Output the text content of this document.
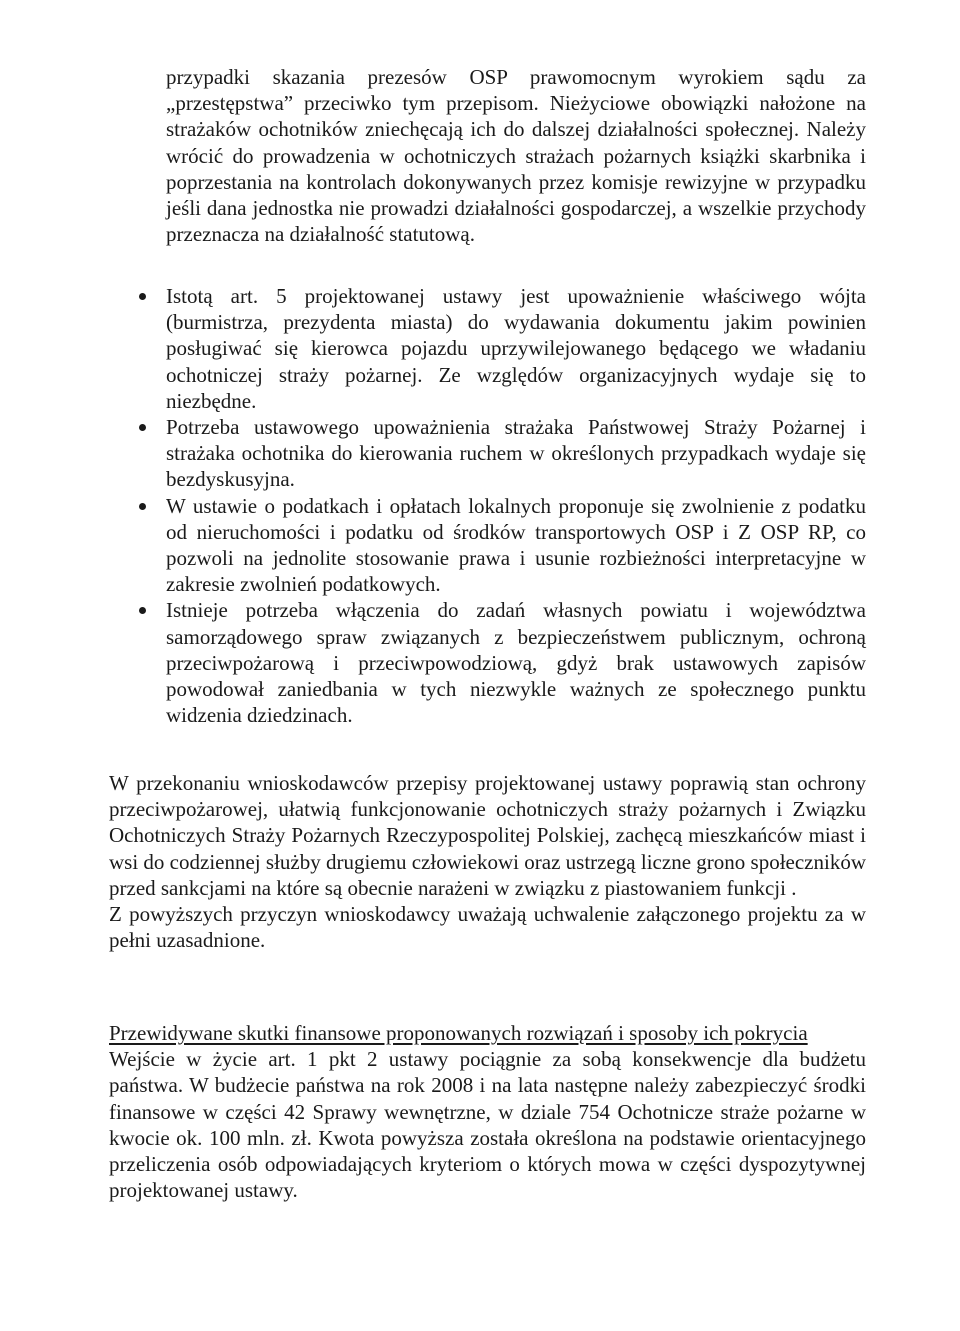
przypadki skazania prezesów OSP prawomocnym wyrokiem sądu za „przestępstwa” przeciwko tym przepisom. Nieżyciowe obowiązki nałożone na strażaków ochotników zniechęcają ich do dalszej działalności społecznej. Należy wrócić do prowadzenia w ochotniczych strażach pożarnych książki skarbnika i poprzestania na kontrolach dokonywanych przez komisje rewizyjne w przypadku jeśli dana jednostka nie prowadzi działalności gospodarczej, a wszelkie przychody przeznacza na działalność statutową.

Istotą art. 5 projektowanej ustawy jest upoważnienie właściwego wójta (burmistrza, prezydenta miasta) do wydawania dokumentu jakim powinien posługiwać się kierowca pojazdu uprzywilejowanego będącego we władaniu ochotniczej straży pożarnej. Ze względów organizacyjnych wydaje się to niezbędne.
Potrzeba ustawowego upoważnienia strażaka Państwowej Straży Pożarnej i strażaka ochotnika do kierowania ruchem w określonych przypadkach wydaje się bezdyskusyjna.
W ustawie o podatkach i opłatach lokalnych proponuje się zwolnienie z podatku od nieruchomości i podatku od środków transportowych OSP i Z OSP RP, co pozwoli na jednolite stosowanie prawa i usunie rozbieżności interpretacyjne w zakresie zwolnień podatkowych.
Istnieje potrzeba włączenia do zadań własnych powiatu i województwa samorządowego spraw związanych z bezpieczeństwem publicznym, ochroną przeciwpożarową i przeciwpowodziową, gdyż brak ustawowych zapisów powodował zaniedbania w tych niezwykle ważnych ze społecznego punktu widzenia dziedzinach.

W przekonaniu wnioskodawców przepisy projektowanej ustawy poprawią stan ochrony przeciwpożarowej, ułatwią funkcjonowanie ochotniczych straży pożarnych i Związku Ochotniczych Straży Pożarnych Rzeczypospolitej Polskiej, zachęcą mieszkańców miast i wsi do codziennej służby drugiemu człowiekowi oraz ustrzegą liczne grono społeczników przed sankcjami na które są obecnie narażeni w związku z piastowaniem funkcji .

Z powyższych przyczyn wnioskodawcy uważają uchwalenie załączonego projektu za w pełni uzasadnione.

Przewidywane skutki finansowe proponowanych rozwiązań i sposoby ich pokrycia

Wejście w życie art. 1 pkt 2 ustawy pociągnie za sobą konsekwencje dla budżetu państwa. W budżecie państwa na rok 2008 i na lata następne należy zabezpieczyć środki finansowe w części 42 Sprawy wewnętrzne, w dziale 754 Ochotnicze straże pożarne w kwocie ok. 100 mln. zł. Kwota powyższa została określona na podstawie orientacyjnego przeliczenia osób odpowiadających kryteriom o których mowa w części dyspozytywnej projektowanej ustawy.
